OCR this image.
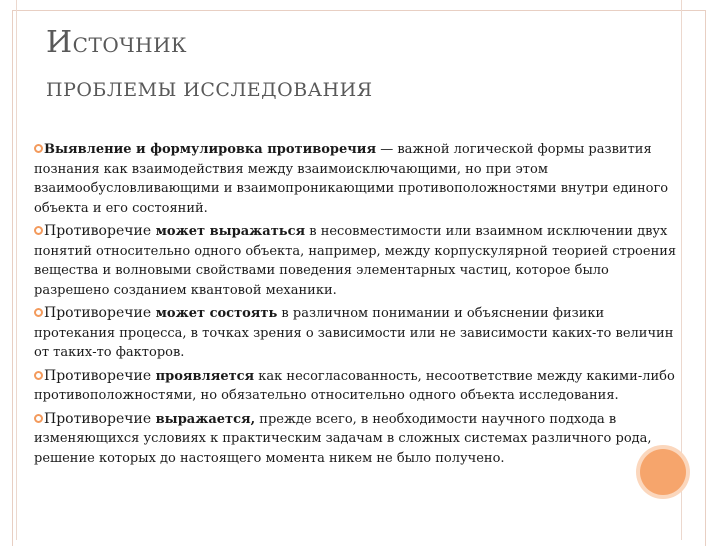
ИСТОЧНИК
ПРОБЛЕМЫ ИССЛЕДОВАНИЯ
Выявление и формулировка противоречия — важной логической формы развития познания как взаимодействия между взаимоисключающими, но при этом взаимообусловливающими и взаимопроникающими противоположностями внутри единого объекта и его состояний.
Противоречие может выражаться в несовместимости или взаимном исключении двух понятий относительно одного объекта, например, между корпускулярной теорией строения вещества и волновыми свойствами поведения элементарных частиц, которое было разрешено созданием квантовой механики.
Противоречие может состоять в различном понимании и объяснении физики протекания процесса, в точках зрения о зависимости или не зависимости каких-то величин от таких-то факторов.
Противоречие проявляется как несогласованность, несоответствие между какими-либо противоположностями, но обязательно относительно одного объекта исследования.
Противоречие выражается, прежде всего, в необходимости научного подхода в изменяющихся условиях к практическим задачам в сложных системах различного рода, решение которых до настоящего момента никем не было получено.
